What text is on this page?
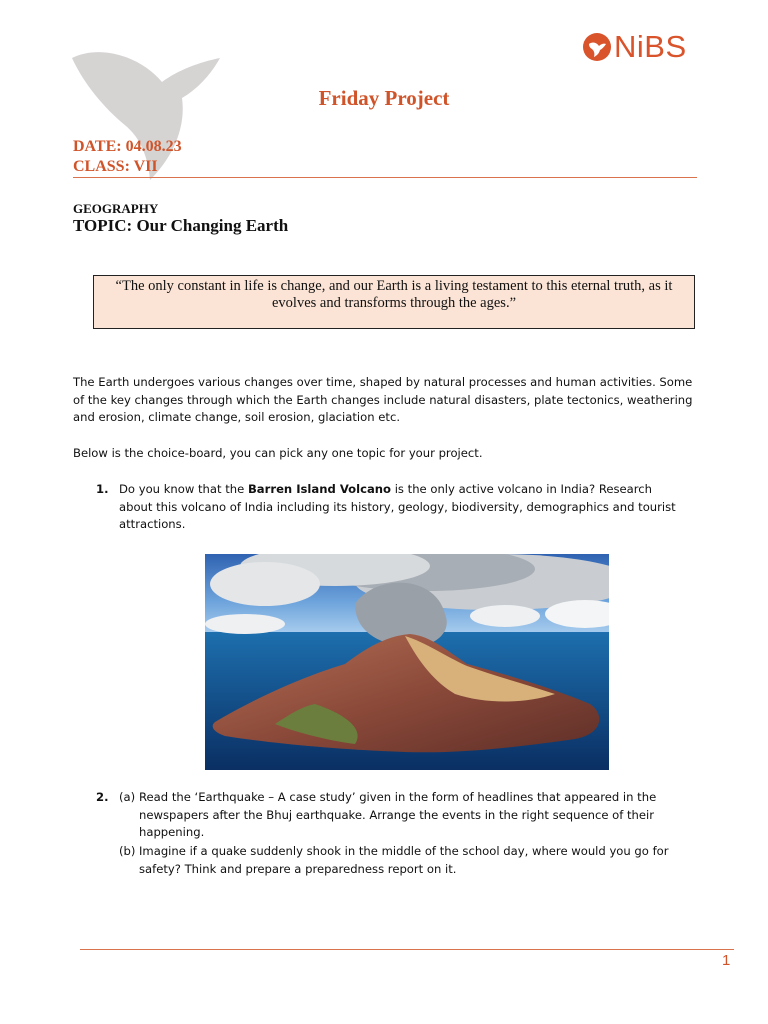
NiBS
Friday Project
DATE: 04.08.23
CLASS: VII
GEOGRAPHY
TOPIC: Our Changing Earth
“The only constant in life is change, and our Earth is a living testament to this eternal truth, as it evolves and transforms through the ages.”
The Earth undergoes various changes over time, shaped by natural processes and human activities. Some of the key changes through which the Earth changes include natural disasters, plate tectonics, weathering and erosion, climate change, soil erosion, glaciation etc.
Below is the choice-board, you can pick any one topic for your project.
1. Do you know that the Barren Island Volcano is the only active volcano in India? Research about this volcano of India including its history, geology, biodiversity, demographics and tourist attractions.
2. (a) Read the ‘Earthquake – A case study’ given in the form of headlines that appeared in the newspapers after the Bhuj earthquake. Arrange the events in the right sequence of their happening.
(b) Imagine if a quake suddenly shook in the middle of the school day, where would you go for safety? Think and prepare a preparedness report on it.
1
